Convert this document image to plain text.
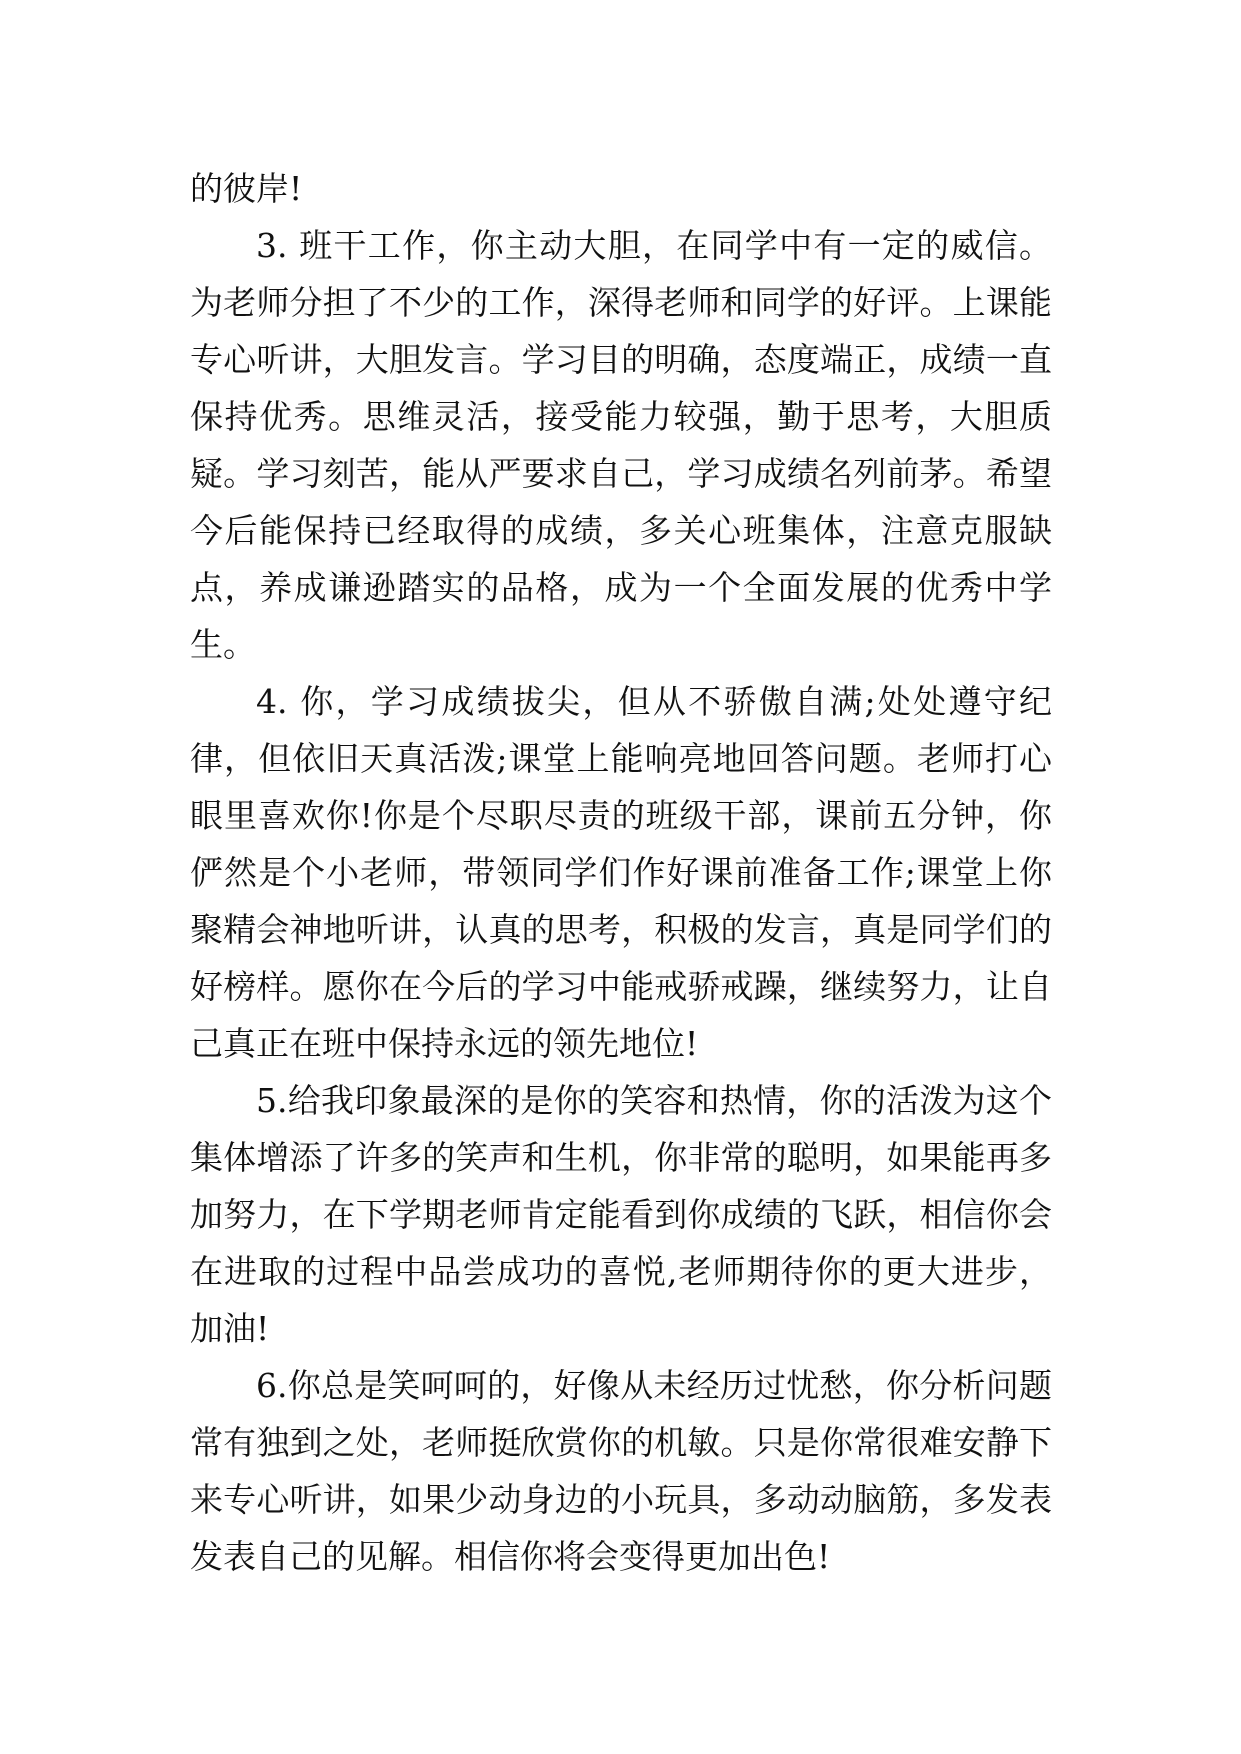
的彼岸!

3. 班干工作，你主动大胆，在同学中有一定的威信。为老师分担了不少的工作，深得老师和同学的好评。上课能专心听讲，大胆发言。学习目的明确，态度端正，成绩一直保持优秀。思维灵活，接受能力较强，勤于思考，大胆质疑。学习刻苦，能从严要求自己，学习成绩名列前茅。希望今后能保持已经取得的成绩，多关心班集体，注意克服缺点，养成谦逊踏实的品格，成为一个全面发展的优秀中学生。

4. 你，学习成绩拔尖，但从不骄傲自满;处处遵守纪律，但依旧天真活泼;课堂上能响亮地回答问题。老师打心眼里喜欢你!你是个尽职尽责的班级干部，课前五分钟，你俨然是个小老师，带领同学们作好课前准备工作;课堂上你聚精会神地听讲，认真的思考，积极的发言，真是同学们的好榜样。愿你在今后的学习中能戒骄戒躁，继续努力，让自己真正在班中保持永远的领先地位!

5.给我印象最深的是你的笑容和热情，你的活泼为这个集体增添了许多的笑声和生机，你非常的聪明，如果能再多加努力，在下学期老师肯定能看到你成绩的飞跃，相信你会在进取的过程中品尝成功的喜悦,老师期待你的更大进步，加油!

6.你总是笑呵呵的，好像从未经历过忧愁，你分析问题常有独到之处，老师挺欣赏你的机敏。只是你常很难安静下来专心听讲，如果少动身边的小玩具，多动动脑筋，多发表发表自己的见解。相信你将会变得更加出色!
